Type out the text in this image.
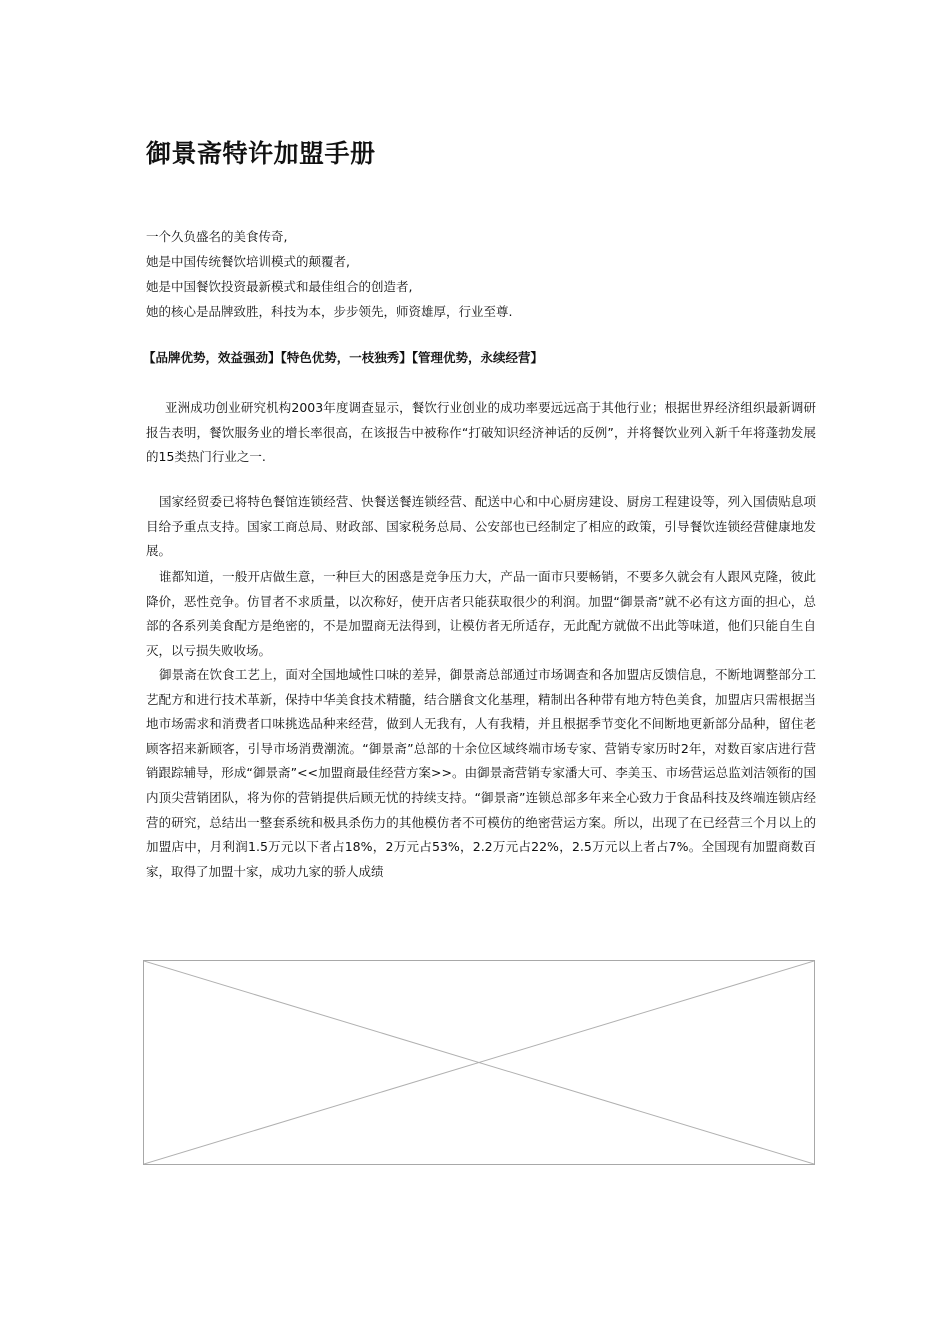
御景斋特许加盟手册
一个久负盛名的美食传奇,
她是中国传统餐饮培训模式的颠覆者,
她是中国餐饮投资最新模式和最佳组合的创造者,
她的核心是品牌致胜，科技为本，步步领先，师资雄厚，行业至尊.
【品牌优势，效益强劲】【特色优势，一枝独秀】【管理优势，永续经营】

亚洲成功创业研究机构2003年度调查显示，餐饮行业创业的成功率要远远高于其他行业；根据世界经济组织最新调研报告表明，餐饮服务业的增长率很高，在该报告中被称作“打破知识经济神话的反例”，并将餐饮业列入新千年将蓬勃发展的15类热门行业之一.

国家经贸委已将特色餐馆连锁经营、快餐送餐连锁经营、配送中心和中心厨房建设、厨房工程建设等，列入国债贴息项目给予重点支持。国家工商总局、财政部、国家税务总局、公安部也已经制定了相应的政策，引导餐饮连锁经营健康地发展。

谁都知道，一般开店做生意，一种巨大的困惑是竞争压力大，产品一面市只要畅销，不要多久就会有人跟风克隆，彼此降价，恶性竞争。仿冒者不求质量，以次称好，使开店者只能获取很少的利润。加盟“御景斋”就不必有这方面的担心，总部的各系列美食配方是绝密的，不是加盟商无法得到，让模仿者无所适存，无此配方就做不出此等味道，他们只能自生自灭，以亏损失败收场。

御景斋在饮食工艺上，面对全国地域性口味的差异，御景斋总部通过市场调查和各加盟店反馈信息，不断地调整部分工艺配方和进行技术革新，保持中华美食技术精髓，结合膳食文化基理，精制出各种带有地方特色美食，加盟店只需根据当地市场需求和消费者口味挑选品种来经营，做到人无我有，人有我精，并且根据季节变化不间断地更新部分品种，留住老顾客招来新顾客，引导市场消费潮流。“御景斋”总部的十余位区域终端市场专家、营销专家历时2年，对数百家店进行营销跟踪辅导，形成“御景斋”<<加盟商最佳经营方案>>。由御景斋营销专家潘大可、李美玉、市场营运总监刘洁领衔的国内顶尖营销团队，将为你的营销提供后顾无忧的持续支持。“御景斋”连锁总部多年来全心致力于食品科技及终端连锁店经营的研究，总结出一整套系统和极具杀伤力的其他模仿者不可模仿的绝密营运方案。所以，出现了在已经营三个月以上的加盟店中，月利润1.5万元以下者占18%，2万元占53%，2.2万元占22%，2.5万元以上者占7%。全国现有加盟商数百家，取得了加盟十家，成功九家的骄人成绩
